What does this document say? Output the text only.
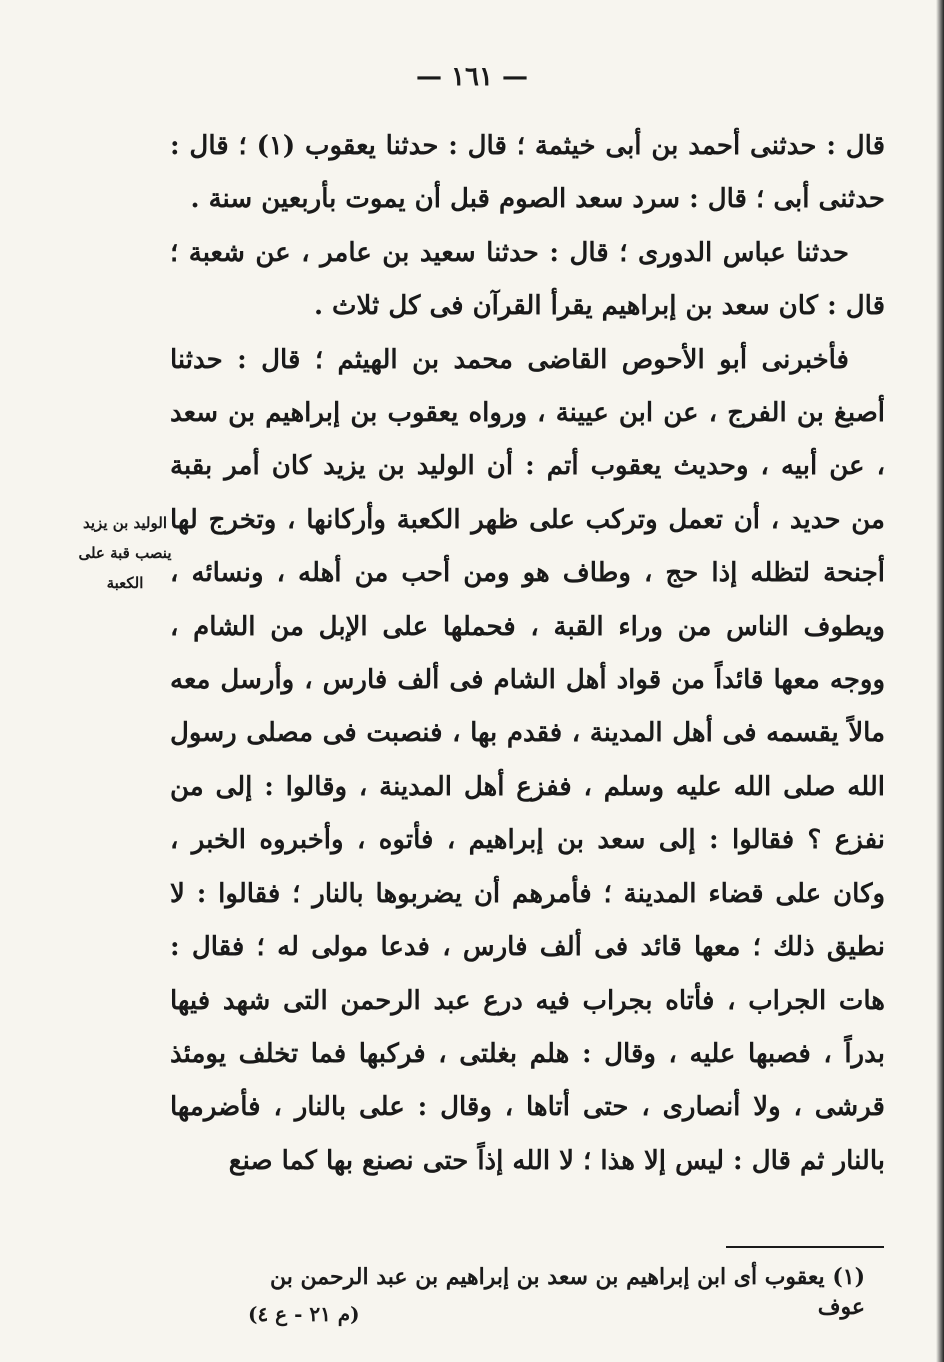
— ١٦١ —

قال : حدثنى أحمد بن أبى خيثمة ؛ قال : حدثنا يعقوب (١) ؛ قال : حدثنى أبى ؛ قال : سرد سعد الصوم قبل أن يموت بأربعين سنة .

حدثنا عباس الدورى ؛ قال : حدثنا سعيد بن عامر ، عن شعبة ؛ قال : كان سعد بن إبراهيم يقرأ القرآن فى كل ثلاث .

فأخبرنى أبو الأحوص القاضى محمد بن الهيثم ؛ قال : حدثنا أصبغ بن الفرج ، عن ابن عيينة ، ورواه يعقوب بن إبراهيم بن سعد ، عن أبيه ، وحديث يعقوب أتم : أن الوليد بن يزيد كان أمر بقبة من حديد ، أن تعمل وتركب على ظهر الكعبة وأركانها ، وتخرج لها أجنحة لتظله إذا حج ، وطاف هو ومن أحب من أهله ، ونسائه ، ويطوف الناس من وراء القبة ، فحملها على الإبل من الشام ، ووجه معها قائداً من قواد أهل الشام فى ألف فارس ، وأرسل معه مالاً يقسمه فى أهل المدينة ، فقدم بها ، فنصبت فى مصلى رسول الله صلى الله عليه وسلم ، ففزع أهل المدينة ، وقالوا : إلى من نفزع ؟ فقالوا : إلى سعد بن إبراهيم ، فأتوه ، وأخبروه الخبر ، وكان على قضاء المدينة ؛ فأمرهم أن يضربوها بالنار ؛ فقالوا : لا نطيق ذلك ؛ معها قائد فى ألف فارس ، فدعا مولى له ؛ فقال : هات الجراب ، فأتاه بجراب فيه درع عبد الرحمن التى شهد فيها بدراً ، فصبها عليه ، وقال : هلم بغلتى ، فركبها فما تخلف يومئذ قرشى ، ولا أنصارى ، حتى أتاها ، وقال : على بالنار ، فأضرمها بالنار ثم قال : ليس إلا هذا ؛ لا الله إذاً حتى نصنع بها كما صنع

الوليد بن يزيد ينصب قبة على الكعبة
(١) يعقوب أى ابن إبراهيم بن سعد بن إبراهيم بن عبد الرحمن بن عوف
(م ٢١ - ع ٤)
